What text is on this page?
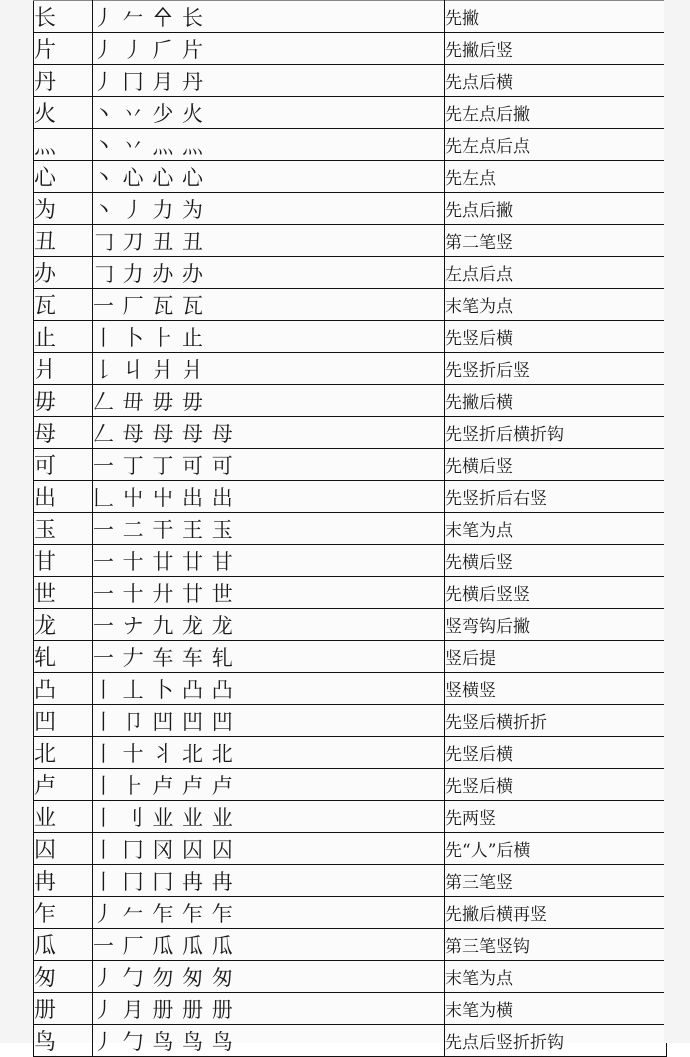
长	丿 𠂉 㐃 长	先撇
片	丿 丿 𠂆 片	先撇后竖
丹	丿 冂 月 丹	先点后横
火	丶 丷 少 火	先左点后撇
灬	丶 丷 灬 灬	先左点后点
心	丶 心 心 心	先左点
为	丶 丿 力 为	先点后撇
丑	𠃌 刀 丑 丑	第二笔竖
办	𠃌 力 办 办	左点后点
瓦	一 厂 瓦 瓦	末笔为点
止	丨 卜 ⺊ 止	先竖后横
爿	𠄌 丩 爿 爿	先竖折后竖
毋	𠃋 毌 毋 毋	先撇后横
母	𠃋 母 母 母 母	先竖折后横折钩
可	一 丁 丁 可 可	先横后竖
出	𠃊 屮 屮 出 出	先竖折后右竖
玉	一 二 干 王 玉	末笔为点
甘	一 十 廿 廿 甘	先横后竖
世	一 十 廾 廿 世	先横后竖竖
龙	一 ナ 九 龙 龙	竖弯钩后撇
轧	一 𠂇 车 车 轧	竖后提
凸	丨 丄 卜 凸 凸	竖横竖
凹	丨 卩 凹 凹 凹	先竖后横折折
北	丨 十 丬 北 北	先竖后横
卢	丨 ⺊ 卢 卢 卢	先竖后横
业	丨 刂 业 业 业	先两竖
囚	丨 冂 冈 囚 囚	先“人”后横
冉	丨 冂 冂 冉 冉	第三笔竖
乍	丿 𠂉 乍 乍 乍	先撇后横再竖
瓜	一 厂 瓜 瓜 瓜	第三笔竖钩
匆	丿 勹 勿 匆 匆	末笔为点
册	丿 月 册 册 册	末笔为横
鸟	丿 勹 鸟 鸟 鸟	先点后竖折折钩
